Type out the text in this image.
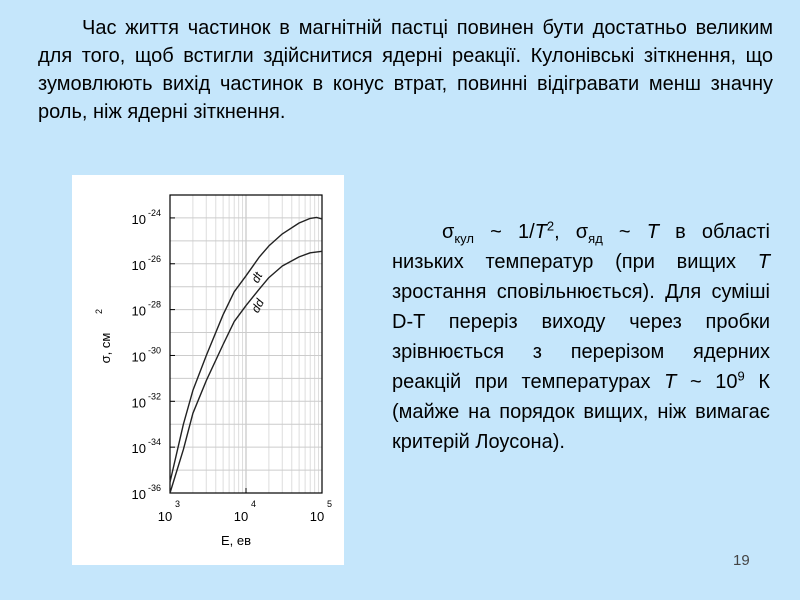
Час життя частинок в магнітній пастці повинен бути достатньо великим для того, щоб встигли здійснитися ядерні реакції. Кулонівські зіткнення, що зумовлюють вихід частинок в конус втрат, повинні відігравати менш значну роль, ніж ядерні зіткнення.

10 -24
10 -26
10 -28
10 -30
10 -32
10 -34
10 -36
10
3
10
4
10
5
E, ев
σ, см
2
dt
dd

$\sigma_{кул}$ ~ $1/T^2$, $\sigma_{яд}$ ~ T в області низьких температур (при вищих T зростання сповільнюється). Для суміші D-T переріз виходу через пробки зрівнюється з перерізом ядерних реакцій при температурах T ~ $10^9$ К (майже на порядок вищих, ніж вимагає критерій Лоусона).

19
